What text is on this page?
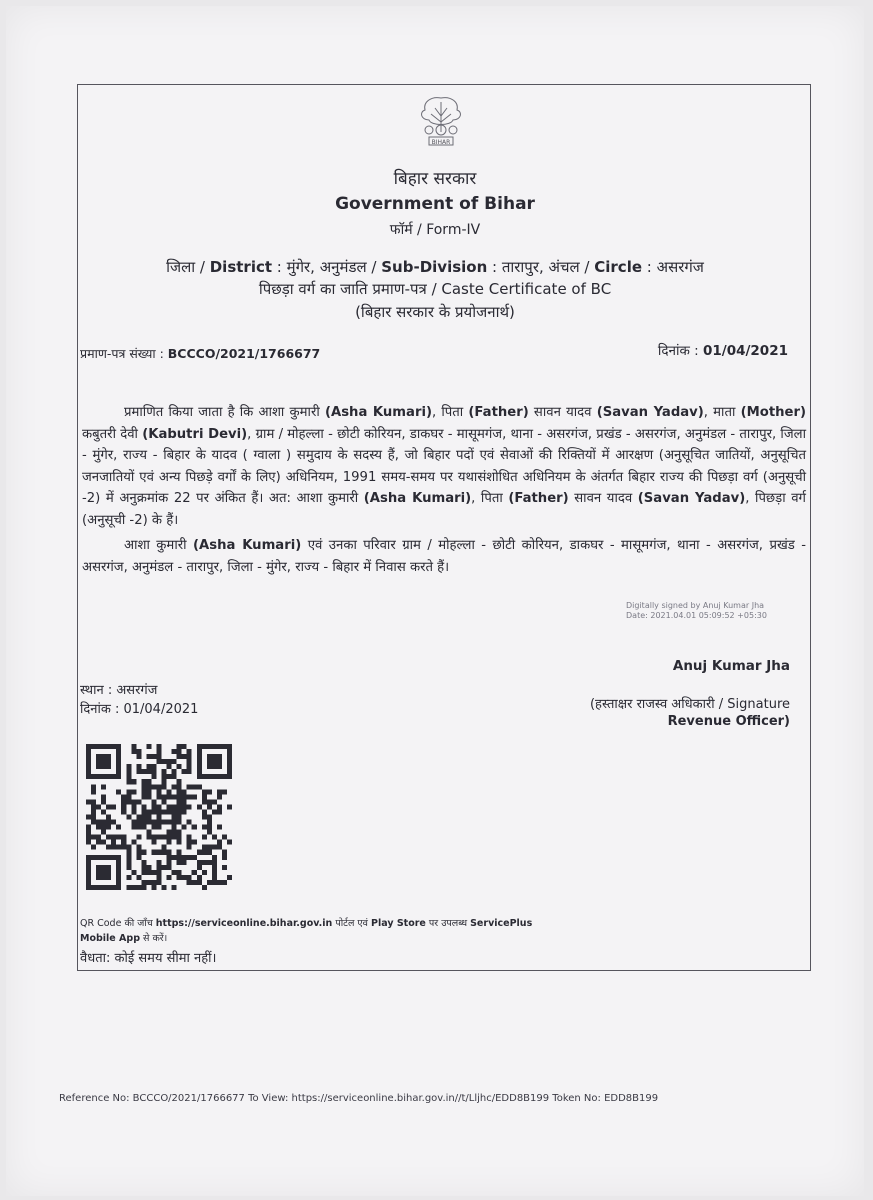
BIHAR
बिहार सरकार
Government of Bihar
फॉर्म / Form-IV
जिला / District : मुंगेर, अनुमंडल / Sub-Division : तारापुर, अंचल / Circle : असरगंज
पिछड़ा वर्ग का जाति प्रमाण-पत्र / Caste Certificate of BC
(बिहार सरकार के प्रयोजनार्थ)
प्रमाण-पत्र संख्या : BCCCO/2021/1766677	दिनांक : 01/04/2021
प्रमाणित किया जाता है कि आशा कुमारी (Asha Kumari), पिता (Father) सावन यादव (Savan Yadav), माता (Mother) कबुतरी देवी (Kabutri Devi), ग्राम / मोहल्ला - छोटी कोरियन, डाकघर - मासूमगंज, थाना - असरगंज, प्रखंड - असरगंज, अनुमंडल - तारापुर, जिला - मुंगेर, राज्य - बिहार के यादव ( ग्वाला ) समुदाय के सदस्य हैं, जो बिहार पदों एवं सेवाओं की रिक्तियों में आरक्षण (अनुसूचित जातियों, अनुसूचित जनजातियों एवं अन्य पिछड़े वर्गों के लिए) अधिनियम, 1991 समय-समय पर यथासंशोधित अधिनियम के अंतर्गत बिहार राज्य की पिछड़ा वर्ग (अनुसूची -2) में अनुक्रमांक 22 पर अंकित हैं। अत: आशा कुमारी (Asha Kumari), पिता (Father) सावन यादव (Savan Yadav), पिछड़ा वर्ग (अनुसूची -2) के हैं।
आशा कुमारी (Asha Kumari) एवं उनका परिवार ग्राम / मोहल्ला - छोटी कोरियन, डाकघर - मासूमगंज, थाना - असरगंज, प्रखंड - असरगंज, अनुमंडल - तारापुर, जिला - मुंगेर, राज्य - बिहार में निवास करते हैं।
Digitally signed by Anuj Kumar Jha
Date: 2021.04.01 05:09:52 +05:30
Anuj Kumar Jha
(हस्ताक्षर राजस्व अधिकारी / Signature
Revenue Officer)
स्थान : असरगंज
दिनांक : 01/04/2021
QR Code की जाँच https://serviceonline.bihar.gov.in पोर्टल एवं Play Store पर उपलब्ध ServicePlus Mobile App से करें।
वैधता: कोई समय सीमा नहीं।
Reference No: BCCCO/2021/1766677 To View: https://serviceonline.bihar.gov.in//t/Lljhc/EDD8B199 Token No: EDD8B199
